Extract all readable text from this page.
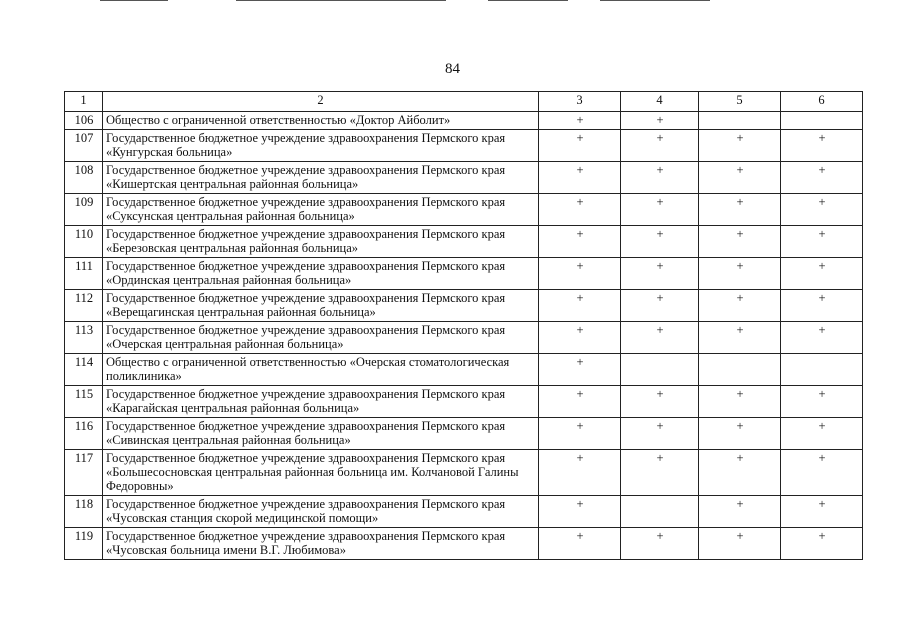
84
1	2	3	4	5	6
106	Общество с ограниченной ответственностью «Доктор Айболит»	+	+		
107	Государственное бюджетное учреждение здравоохранения Пермского края
«Кунгурская больница»	+	+	+	+
108	Государственное бюджетное учреждение здравоохранения Пермского края
«Кишертская центральная районная больница»	+	+	+	+
109	Государственное бюджетное учреждение здравоохранения Пермского края
«Суксунская центральная районная больница»	+	+	+	+
110	Государственное бюджетное учреждение здравоохранения Пермского края
«Березовская центральная районная больница»	+	+	+	+
111	Государственное бюджетное учреждение здравоохранения Пермского края
«Ординская центральная районная больница»	+	+	+	+
112	Государственное бюджетное учреждение здравоохранения Пермского края
«Верещагинская центральная районная больница»	+	+	+	+
113	Государственное бюджетное учреждение здравоохранения Пермского края
«Очерская центральная районная больница»	+	+	+	+
114	Общество с ограниченной ответственностью «Очерская стоматологическая
поликлиника»	+			
115	Государственное бюджетное учреждение здравоохранения Пермского края
«Карагайская центральная районная больница»	+	+	+	+
116	Государственное бюджетное учреждение здравоохранения Пермского края
«Сивинская центральная районная больница»	+	+	+	+
117	Государственное бюджетное учреждение здравоохранения Пермского края
«Большесосновская центральная районная больница им. Колчановой Галины
Федоровны»	+	+	+	+
118	Государственное бюджетное учреждение здравоохранения Пермского края
«Чусовская станция скорой медицинской помощи»	+		+	+
119	Государственное бюджетное учреждение здравоохранения Пермского края
«Чусовская больница имени В.Г. Любимова»	+	+	+	+
